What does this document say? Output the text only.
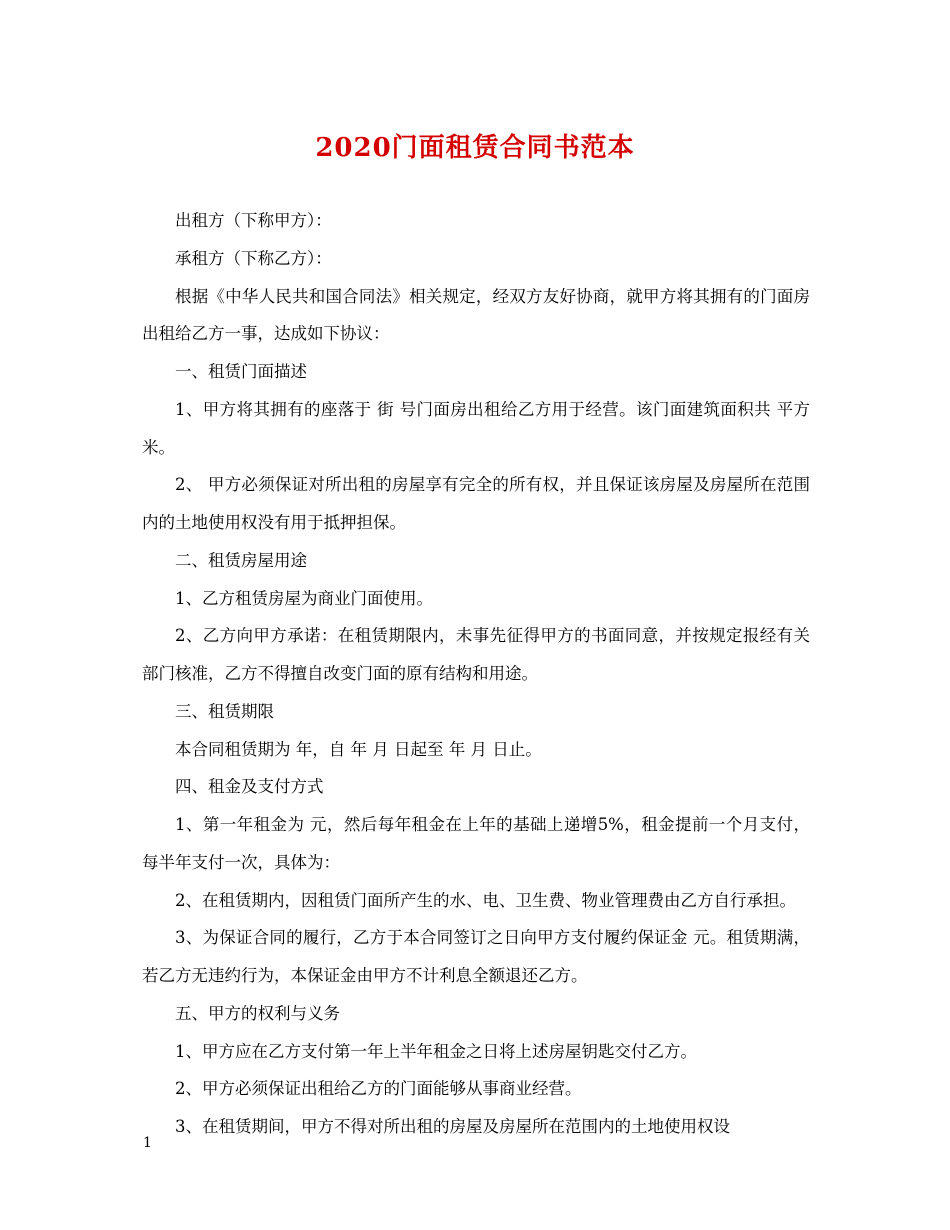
2020门面租赁合同书范本

出租方（下称甲方）：

承租方（下称乙方）：

根据《中华人民共和国合同法》相关规定，经双方友好协商，就甲方将其拥有的门面房出租给乙方一事，达成如下协议：

一、租赁门面描述

1、甲方将其拥有的座落于 街 号门面房出租给乙方用于经营。该门面建筑面积共 平方米。

2、 甲方必须保证对所出租的房屋享有完全的所有权，并且保证该房屋及房屋所在范围内的土地使用权没有用于抵押担保。

二、租赁房屋用途

1、乙方租赁房屋为商业门面使用。

2、乙方向甲方承诺：在租赁期限内，未事先征得甲方的书面同意，并按规定报经有关部门核准，乙方不得擅自改变门面的原有结构和用途。

三、租赁期限

本合同租赁期为 年，自 年 月 日起至 年 月 日止。

四、租金及支付方式

1、第一年租金为 元，然后每年租金在上年的基础上递增5%，租金提前一个月支付，每半年支付一次，具体为：

2、在租赁期内，因租赁门面所产生的水、电、卫生费、物业管理费由乙方自行承担。

3、为保证合同的履行，乙方于本合同签订之日向甲方支付履约保证金 元。租赁期满，若乙方无违约行为，本保证金由甲方不计利息全额退还乙方。

五、甲方的权利与义务

1、甲方应在乙方支付第一年上半年租金之日将上述房屋钥匙交付乙方。

2、甲方必须保证出租给乙方的门面能够从事商业经营。

3、在租赁期间，甲方不得对所出租的房屋及房屋所在范围内的土地使用权设

1
